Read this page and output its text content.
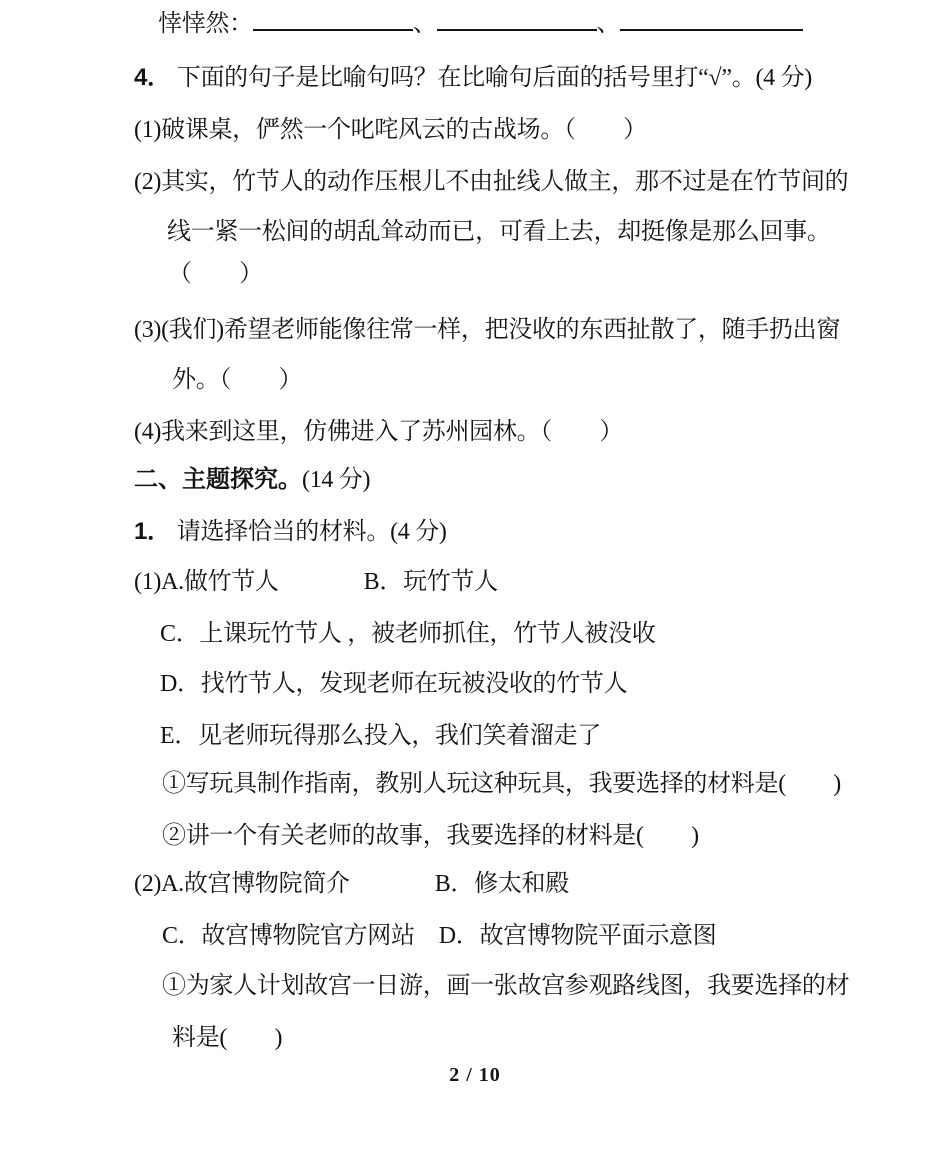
悻悻然：	、	、
4． 下面的句子是比喻句吗？在比喻句后面的括号里打“√”。(4 分)
(1)破课桌，俨然一个叱咤风云的古战场。（　　）
(2)其实，竹节人的动作压根儿不由扯线人做主，那不过是在竹节间的
线一紧一松间的胡乱耸动而已，可看上去，却挺像是那么回事。
（　　）
(3)(我们)希望老师能像往常一样，把没收的东西扯散了，随手扔出窗
外。（　　）
(4)我来到这里，仿佛进入了苏州园林。（　　）
二、主题探究。(14 分)
1． 请选择恰当的材料。(4 分)
(1)A.做竹节人	B．玩竹节人
C．上课玩竹节人 ，被老师抓住，竹节人被没收
D．找竹节人，发现老师在玩被没收的竹节人
E．见老师玩得那么投入，我们笑着溜走了
①写玩具制作指南，教别人玩这种玩具，我要选择的材料是(　　)
②讲一个有关老师的故事，我要选择的材料是(　　)
(2)A.故宫博物院简介	B．修太和殿
C．故宫博物院官方网站 D．故宫博物院平面示意图
①为家人计划故宫一日游，画一张故宫参观路线图，我要选择的材
料是(　　)
2 / 10
